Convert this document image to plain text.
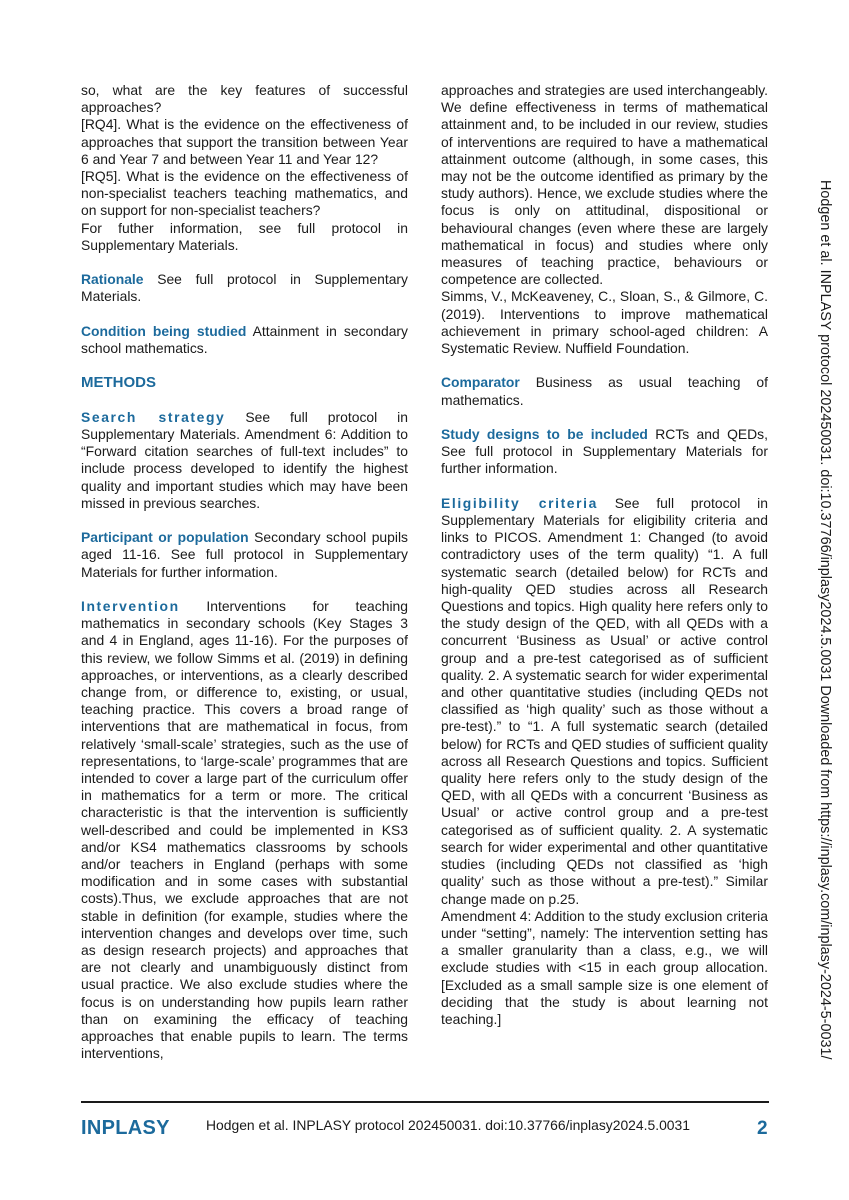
so, what are the key features of successful approaches?
[RQ4]. What is the evidence on the effectiveness of approaches that support the transition between Year 6 and Year 7 and between Year 11 and Year 12?
[RQ5]. What is the evidence on the effectiveness of non-specialist teachers teaching mathematics, and on support for non-specialist teachers?
For futher information, see full protocol in Supplementary Materials.
Rationale See full protocol in Supplementary Materials.
Condition being studied Attainment in secondary school mathematics.
METHODS
Search strategy See full protocol in Supplementary Materials. Amendment 6: Addition to “Forward citation searches of full-text includes” to include process developed to identify the highest quality and important studies which may have been missed in previous searches.
Participant or population Secondary school pupils aged 11-16. See full protocol in Supplementary Materials for further information.
Intervention Interventions for teaching mathematics in secondary schools (Key Stages 3 and 4 in England, ages 11-16). For the purposes of this review, we follow Simms et al. (2019) in defining approaches, or interventions, as a clearly described change from, or difference to, existing, or usual, teaching practice. This covers a broad range of interventions that are mathematical in focus, from relatively ‘small-scale’ strategies, such as the use of representations, to ‘large-scale’ programmes that are intended to cover a large part of the curriculum offer in mathematics for a term or more. The critical characteristic is that the intervention is sufficiently well-described and could be implemented in KS3 and/or KS4 mathematics classrooms by schools and/or teachers in England (perhaps with some modification and in some cases with substantial costs).Thus, we exclude approaches that are not stable in definition (for example, studies where the intervention changes and develops over time, such as design research projects) and approaches that are not clearly and unambiguously distinct from usual practice. We also exclude studies where the focus is on understanding how pupils learn rather than on examining the efficacy of teaching approaches that enable pupils to learn. The terms interventions,
approaches and strategies are used interchangeably. We define effectiveness in terms of mathematical attainment and, to be included in our review, studies of interventions are required to have a mathematical attainment outcome (although, in some cases, this may not be the outcome identified as primary by the study authors). Hence, we exclude studies where the focus is only on attitudinal, dispositional or behavioural changes (even where these are largely mathematical in focus) and studies where only measures of teaching practice, behaviours or competence are collected.
Simms, V., McKeaveney, C., Sloan, S., & Gilmore, C. (2019). Interventions to improve mathematical achievement in primary school-aged children: A Systematic Review. Nuffield Foundation.
Comparator Business as usual teaching of mathematics.
Study designs to be included RCTs and QEDs, See full protocol in Supplementary Materials for further information.
Eligibility criteria See full protocol in Supplementary Materials for eligibility criteria and links to PICOS. Amendment 1: Changed (to avoid contradictory uses of the term quality) “1. A full systematic search (detailed below) for RCTs and high-quality QED studies across all Research Questions and topics. High quality here refers only to the study design of the QED, with all QEDs with a concurrent ‘Business as Usual’ or active control group and a pre-test categorised as of sufficient quality. 2. A systematic search for wider experimental and other quantitative studies (including QEDs not classified as ‘high quality’ such as those without a pre-test).” to “1. A full systematic search (detailed below) for RCTs and QED studies of sufficient quality across all Research Questions and topics. Sufficient quality here refers only to the study design of the QED, with all QEDs with a concurrent ‘Business as Usual’ or active control group and a pre-test categorised as of sufficient quality. 2. A systematic search for wider experimental and other quantitative studies (including QEDs not classified as ‘high quality’ such as those without a pre-test).” Similar change made on p.25.
Amendment 4: Addition to the study exclusion criteria under “setting”, namely: The intervention setting has a smaller granularity than a class, e.g., we will exclude studies with <15 in each group allocation. [Excluded as a small sample size is one element of deciding that the study is about learning not teaching.]	Hodgen et al. INPLASY protocol 202450031. doi:10.37766/inplasy2024.5.0031 Downloaded from https://inplasy.com/inplasy-2024-5-0031/
INPLASY	Hodgen et al. INPLASY protocol 202450031. doi:10.37766/inplasy2024.5.0031	2
